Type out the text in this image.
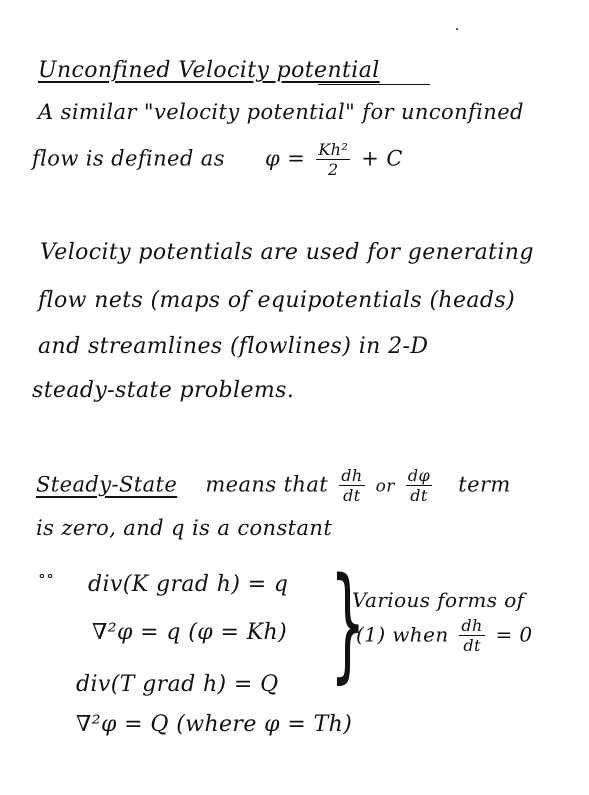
Unconfined Velocity potential
A similar "velocity potential" for unconfined
flow is defined as $\varphi = \frac{\text{Kh²}}{2} + C$
Velocity potentials are used for generating
flow nets (maps of equipotentials (heads)
and streamlines (flowlines) in 2-D
steady-state problems.
Steady-State means that $\frac{dh}{dt}$ or $\frac{d\varphi}{dt}$ term
is zero, and q is a constant
∘∘ div(K grad h) = q
∇²φ = q (φ = Kh)
div(T grad h) = Q
∇²φ = Q (where φ = Th)
}
Various forms of
(1) when $\frac{dh}{dt} = 0$
